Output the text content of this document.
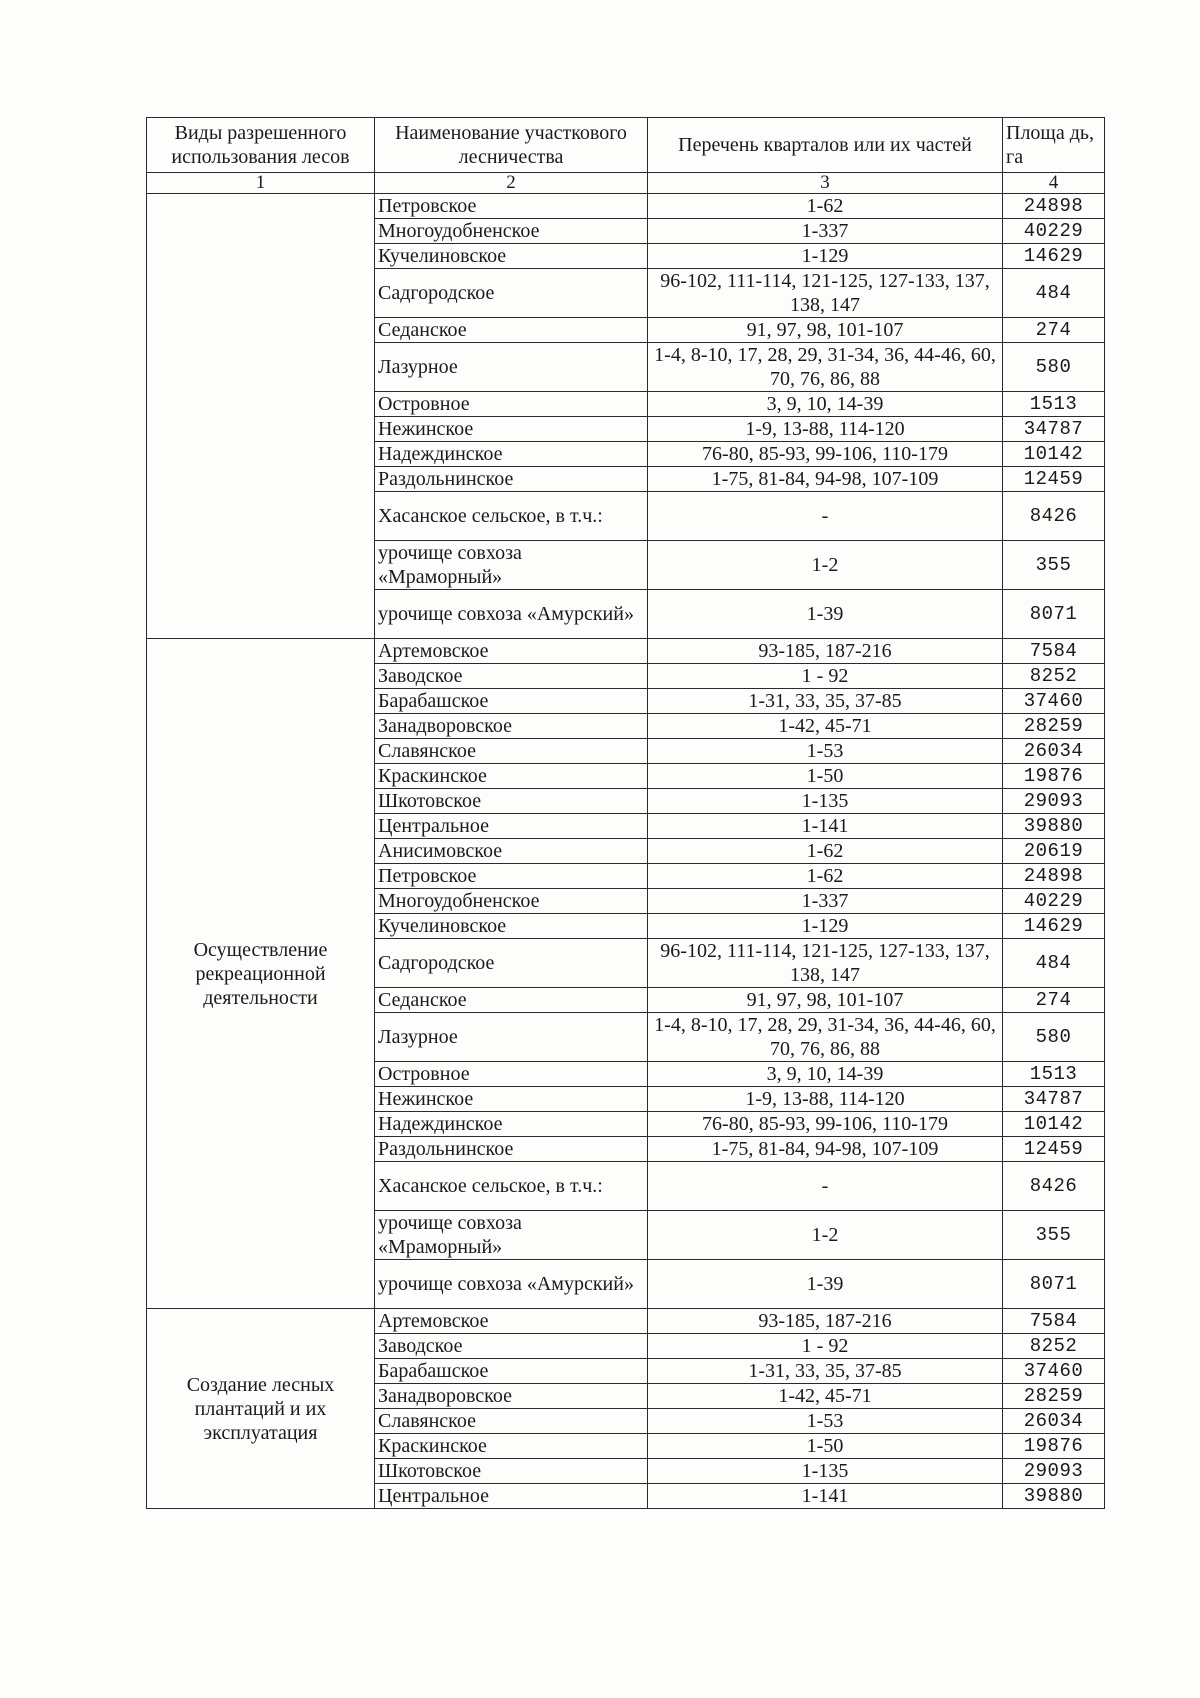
Виды разрешенного использования лесов	Наименование участкового лесничества	Перечень кварталов или их частей	Площа дь, га
1	2	3	4
	Петровское	1-62	24898
	Многоудобненское	1-337	40229
	Кучелиновское	1-129	14629
	Садгородское	96-102, 111-114, 121-125, 127-133, 137, 138, 147	484
	Седанское	91, 97, 98, 101-107	274
	Лазурное	1-4, 8-10, 17, 28, 29, 31-34, 36, 44-46, 60, 70, 76, 86, 88	580
	Островное	3, 9, 10, 14-39	1513
	Нежинское	1-9, 13-88, 114-120	34787
	Надеждинское	76-80, 85-93, 99-106, 110-179	10142
	Раздольнинское	1-75, 81-84, 94-98, 107-109	12459
	Хасанское сельское, в т.ч.:	-	8426
	урочище совхоза «Мраморный»	1-2	355
	урочище совхоза «Амурский»	1-39	8071
Осуществление рекреационной деятельности	Артемовское	93-185, 187-216	7584
	Заводское	1 - 92	8252
	Барабашское	1-31, 33, 35, 37-85	37460
	Занадворовское	1-42, 45-71	28259
	Славянское	1-53	26034
	Краскинское	1-50	19876
	Шкотовское	1-135	29093
	Центральное	1-141	39880
	Анисимовское	1-62	20619
	Петровское	1-62	24898
	Многоудобненское	1-337	40229
	Кучелиновское	1-129	14629
	Садгородское	96-102, 111-114, 121-125, 127-133, 137, 138, 147	484
	Седанское	91, 97, 98, 101-107	274
	Лазурное	1-4, 8-10, 17, 28, 29, 31-34, 36, 44-46, 60, 70, 76, 86, 88	580
	Островное	3, 9, 10, 14-39	1513
	Нежинское	1-9, 13-88, 114-120	34787
	Надеждинское	76-80, 85-93, 99-106, 110-179	10142
	Раздольнинское	1-75, 81-84, 94-98, 107-109	12459
	Хасанское сельское, в т.ч.:	-	8426
	урочище совхоза «Мраморный»	1-2	355
	урочище совхоза «Амурский»	1-39	8071
Создание лесных плантаций и их эксплуатация	Артемовское	93-185, 187-216	7584
	Заводское	1 - 92	8252
	Барабашское	1-31, 33, 35, 37-85	37460
	Занадворовское	1-42, 45-71	28259
	Славянское	1-53	26034
	Краскинское	1-50	19876
	Шкотовское	1-135	29093
	Центральное	1-141	39880
